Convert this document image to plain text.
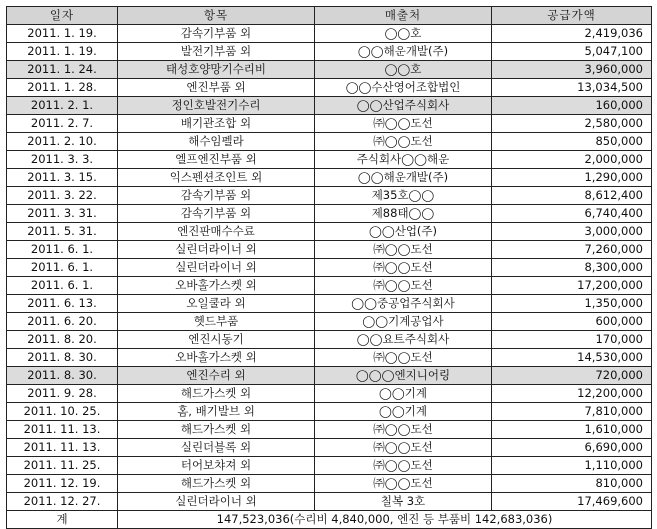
일자	항목	매출처	공급가액
2011. 1. 19.	감속기부품 외	◯◯호	2,419,036
2011. 1. 19.	발전기부품 외	◯◯해운개발(주)	5,047,100
2011. 1. 24.	태성호양망기수리비	◯◯호	3,960,000
2011. 1. 28.	엔진부품 외	◯◯수산영어조합법인	13,034,500
2011. 2. 1.	정인호발전기수리	◯◯산업주식회사	160,000
2011. 2. 7.	배기관조합 외	㈜◯◯도선	2,580,000
2011. 2. 10.	해수임펠라	㈜◯◯도선	850,000
2011. 3. 3.	엘프엔진부품 외	주식회사◯◯해운	2,000,000
2011. 3. 15.	익스펜션조인트 외	◯◯해운개발(주)	1,290,000
2011. 3. 22.	감속기부품 외	제35호◯◯	8,612,400
2011. 3. 31.	감속기부품 외	제88태◯◯	6,740,400
2011. 5. 31.	엔진판매수수료	◯◯산업(주)	3,000,000
2011. 6. 1.	실린더라이너 외	㈜◯◯도선	7,260,000
2011. 6. 1.	실린더라이너 외	㈜◯◯도선	8,300,000
2011. 6. 1.	오바홀가스켓 외	㈜◯◯도선	17,200,000
2011. 6. 13.	오일쿨라 외	◯◯중공업주식회사	1,350,000
2011. 6. 20.	헷드부품	◯◯기계공업사	600,000
2011. 8. 20.	엔진시동기	◯◯요트주식회사	170,000
2011. 8. 30.	오바홀가스켓 외	㈜◯◯도선	14,530,000
2011. 8. 30.	엔진수리 외	◯◯◯엔지니어링	720,000
2011. 9. 28.	해드가스켓 외	◯◯기계	12,200,000
2011. 10. 25.	홈, 배기발브 외	◯◯기계	7,810,000
2011. 11. 13.	해드가스켓 외	㈜◯◯도선	1,610,000
2011. 11. 13.	실린더블록 외	㈜◯◯도선	6,690,000
2011. 11. 25.	터어보챠져 외	㈜◯◯도선	1,110,000
2011. 12. 19.	해드가스켓 외	㈜◯◯도선	810,000
2011. 12. 27.	실린더라이너 외	칠복 3호	17,469,600
계	147,523,036(수리비 4,840,000, 엔진 등 부품비 142,683,036)		
